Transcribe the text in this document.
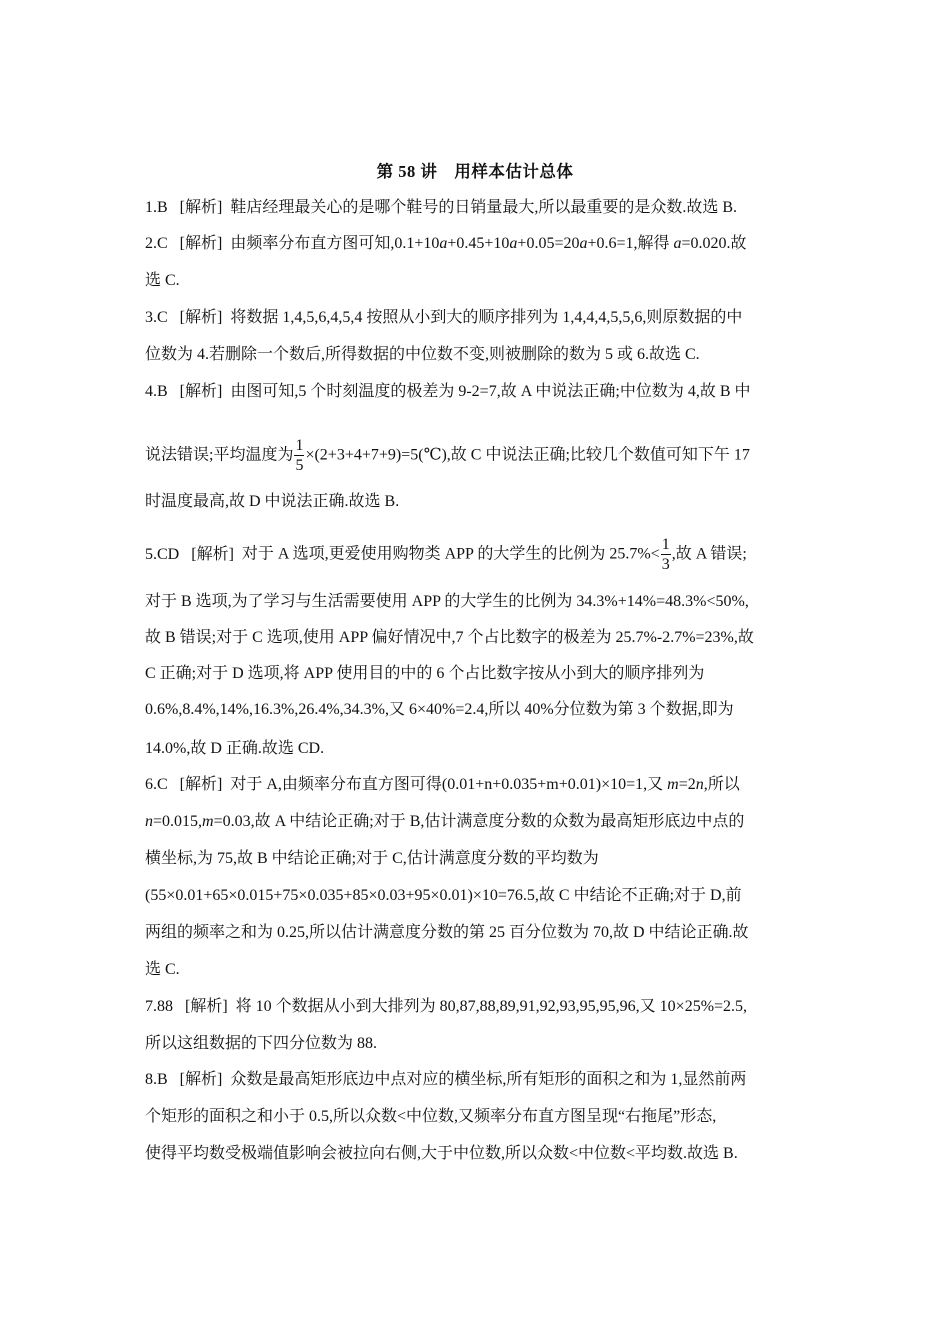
第 58 讲　用样本估计总体
1.B [解析] 鞋店经理最关心的是哪个鞋号的日销量最大,所以最重要的是众数.故选 B.
2.C [解析] 由频率分布直方图可知,0.1+10a+0.45+10a+0.05=20a+0.6=1,解得 a=0.020.故
选 C.
3.C [解析] 将数据 1,4,5,6,4,5,4 按照从小到大的顺序排列为 1,4,4,4,5,5,6,则原数据的中
位数为 4.若删除一个数后,所得数据的中位数不变,则被删除的数为 5 或 6.故选 C.
4.B [解析] 由图可知,5 个时刻温度的极差为 9-2=7,故 A 中说法正确;中位数为 4,故 B 中
说法错误;平均温度为 $\frac{1}{5}$ ×(2+3+4+7+9)=5(℃),故 C 中说法正确;比较几个数值可知下午 17
时温度最高,故 D 中说法正确.故选 B.
5.CD [解析] 对于 A 选项,更爱使用购物类 APP 的大学生的比例为 $25.7\%< \frac{1}{3}$ ,故 A 错误;
对于 B 选项,为了学习与生活需要使用 APP 的大学生的比例为 34.3%+14%=48.3%<50%,
故 B 错误;对于 C 选项,使用 APP 偏好情况中,7 个占比数字的极差为 25.7%-2.7%=23%,故
C 正确;对于 D 选项,将 APP 使用目的中的 6 个占比数字按从小到大的顺序排列为
0.6%,8.4%,14%,16.3%,26.4%,34.3%,又 6×40%=2.4,所以 40%分位数为第 3 个数据,即为
14.0%,故 D 正确.故选 CD.
6.C [解析] 对于 A,由频率分布直方图可得(0.01+n+0.035+m+0.01)×10=1,又 m=2n,所以
n=0.015,m=0.03,故 A 中结论正确;对于 B,估计满意度分数的众数为最高矩形底边中点的
横坐标,为 75,故 B 中结论正确;对于 C,估计满意度分数的平均数为
(55×0.01+65×0.015+75×0.035+85×0.03+95×0.01)×10=76.5,故 C 中结论不正确;对于 D,前
两组的频率之和为 0.25,所以估计满意度分数的第 25 百分位数为 70,故 D 中结论正确.故
选 C.
7.88 [解析] 将 10 个数据从小到大排列为 80,87,88,89,91,92,93,95,95,96,又 10×25%=2.5,
所以这组数据的下四分位数为 88.
8.B [解析] 众数是最高矩形底边中点对应的横坐标,所有矩形的面积之和为 1,显然前两
个矩形的面积之和小于 0.5,所以众数<中位数,又频率分布直方图呈现“右拖尾”形态,
使得平均数受极端值影响会被拉向右侧,大于中位数,所以众数<中位数<平均数.故选 B.
